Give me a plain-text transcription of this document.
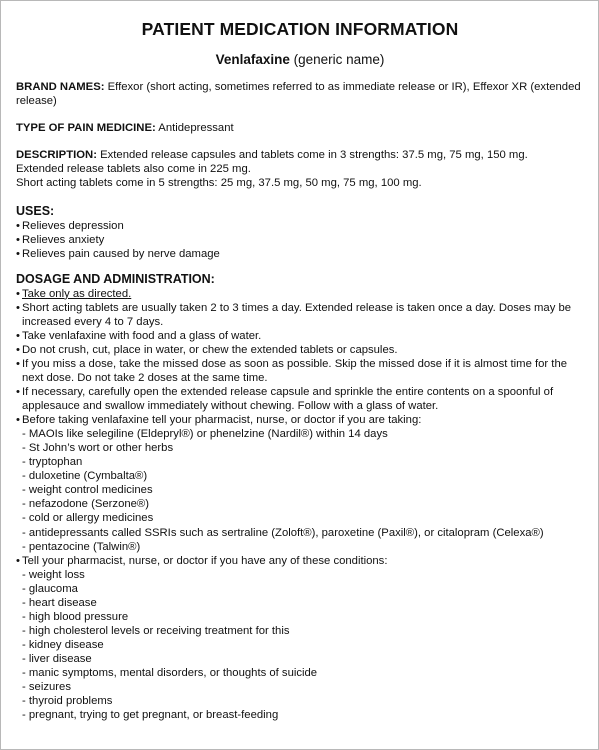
PATIENT MEDICATION INFORMATION
Venlafaxine (generic name)

BRAND NAMES: Effexor (short acting, sometimes referred to as immediate release or IR), Effexor XR (extended release)

TYPE OF PAIN MEDICINE: Antidepressant

DESCRIPTION: Extended release capsules and tablets come in 3 strengths: 37.5 mg, 75 mg, 150 mg.

Extended release tablets also come in 225 mg.

Short acting tablets come in 5 strengths: 25 mg, 37.5 mg, 50 mg, 75 mg, 100 mg.

USES:
• Relieves depression
• Relieves anxiety
• Relieves pain caused by nerve damage
DOSAGE AND ADMINISTRATION:
• Take only as directed.
• Short acting tablets are usually taken 2 to 3 times a day. Extended release is taken once a day. Doses may be increased every 4 to 7 days.
• Take venlafaxine with food and a glass of water.
• Do not crush, cut, place in water, or chew the extended tablets or capsules.
• If you miss a dose, take the missed dose as soon as possible. Skip the missed dose if it is almost time for the next dose. Do not take 2 doses at the same time.
• If necessary, carefully open the extended release capsule and sprinkle the entire contents on a spoonful of applesauce and swallow immediately without chewing. Follow with a glass of water.
• Before taking venlafaxine tell your pharmacist, nurse, or doctor if you are taking:
- MAOIs like selegiline (Eldepryl®) or phenelzine (Nardil®) within 14 days
- St John’s wort or other herbs
- tryptophan
- duloxetine (Cymbalta®)
- weight control medicines
- nefazodone (Serzone®)
- cold or allergy medicines
- antidepressants called SSRIs such as sertraline (Zoloft®), paroxetine (Paxil®), or citalopram (Celexa®)
- pentazocine (Talwin®)
• Tell your pharmacist, nurse, or doctor if you have any of these conditions:
- weight loss
- glaucoma
- heart disease
- high blood pressure
- high cholesterol levels or receiving treatment for this
- kidney disease
- liver disease
- manic symptoms, mental disorders, or thoughts of suicide
- seizures
- thyroid problems
- pregnant, trying to get pregnant, or breast-feeding
